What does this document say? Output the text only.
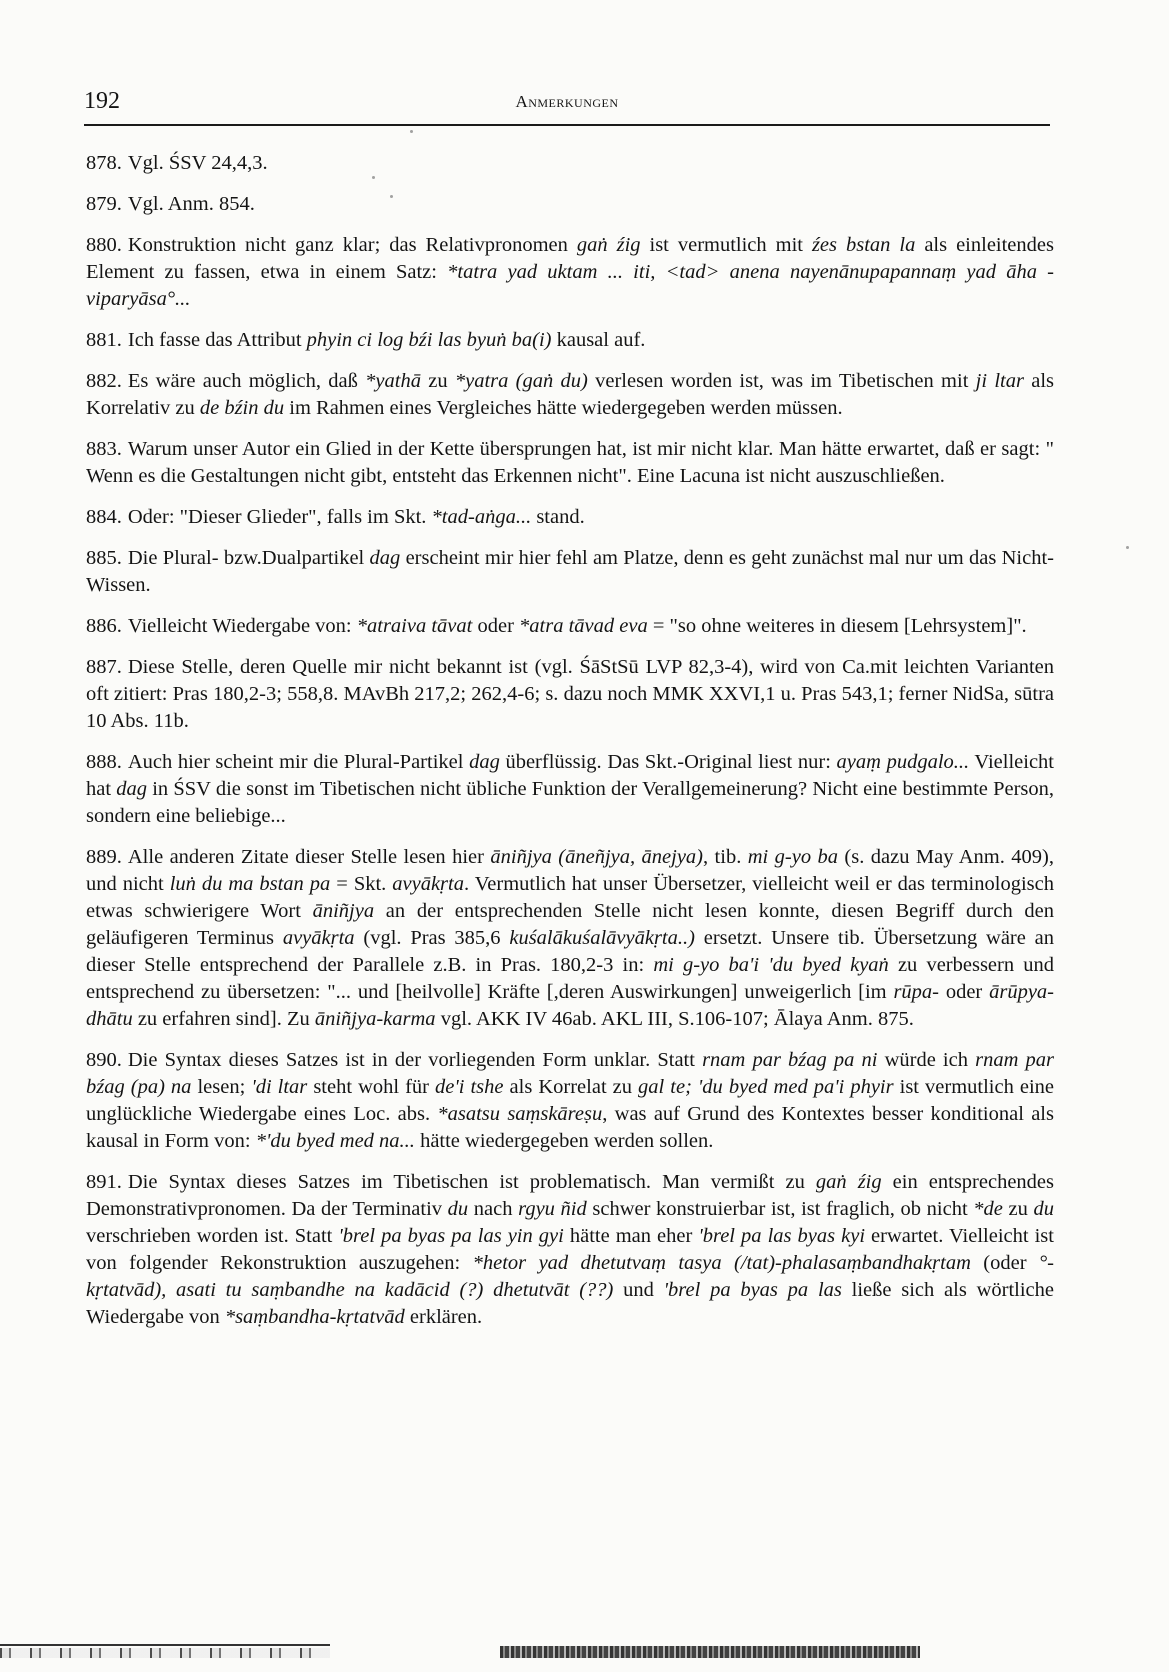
192	Anmerkungen

878. Vgl. ŚSV 24,4,3.

879. Vgl. Anm. 854.

880. Konstruktion nicht ganz klar; das Relativpronomen gaṅ źig ist vermutlich mit źes bstan la als einleitendes Element zu fassen, etwa in einem Satz: *tatra yad uktam ... iti, <tad> anena nayenānupapannaṃ yad āha - viparyāsa°...

881. Ich fasse das Attribut phyin ci log bźi las byuṅ ba(i) kausal auf.

882. Es wäre auch möglich, daß *yathā zu *yatra (gaṅ du) verlesen worden ist, was im Tibetischen mit ji ltar als Korrelativ zu de bźin du im Rahmen eines Vergleiches hätte wiedergegeben werden müssen.

883. Warum unser Autor ein Glied in der Kette übersprungen hat, ist mir nicht klar. Man hätte erwartet, daß er sagt: " Wenn es die Gestaltungen nicht gibt, entsteht das Erkennen nicht". Eine Lacuna ist nicht auszuschließen.

884. Oder: "Dieser Glieder", falls im Skt. *tad-aṅga... stand.

885. Die Plural- bzw.Dualpartikel dag erscheint mir hier fehl am Platze, denn es geht zunächst mal nur um das Nicht-Wissen.

886. Vielleicht Wiedergabe von: *atraiva tāvat oder *atra tāvad eva = "so ohne weiteres in diesem [Lehrsystem]".

887. Diese Stelle, deren Quelle mir nicht bekannt ist (vgl. ŚāStSū LVP 82,3-4), wird von Ca.mit leichten Varianten oft zitiert: Pras 180,2-3; 558,8. MAvBh 217,2; 262,4-6; s. dazu noch MMK XXVI,1 u. Pras 543,1; ferner NidSa, sūtra 10 Abs. 11b.

888. Auch hier scheint mir die Plural-Partikel dag überflüssig. Das Skt.-Original liest nur: ayaṃ pudgalo... Vielleicht hat dag in ŚSV die sonst im Tibetischen nicht übliche Funktion der Verallgemeinerung? Nicht eine bestimmte Person, sondern eine beliebige...

889. Alle anderen Zitate dieser Stelle lesen hier āniñjya (āneñjya, ānejya), tib. mi g-yo ba (s. dazu May Anm. 409), und nicht luṅ du ma bstan pa = Skt. avyākṛta. Vermutlich hat unser Übersetzer, vielleicht weil er das terminologisch etwas schwierigere Wort āniñjya an der entsprechenden Stelle nicht lesen konnte, diesen Begriff durch den geläufigeren Terminus avyākṛta (vgl. Pras 385,6 kuśalākuśalāvyākṛta..) ersetzt. Unsere tib. Übersetzung wäre an dieser Stelle entsprechend der Parallele z.B. in Pras. 180,2-3 in: mi g-yo ba'i 'du byed kyaṅ zu verbessern und entsprechend zu übersetzen: "... und [heilvolle] Kräfte [,deren Auswirkungen] unweigerlich [im rūpa- oder ārūpya-dhātu zu erfahren sind]. Zu āniñjya-karma vgl. AKK IV 46ab. AKL III, S.106-107; Ālaya Anm. 875.

890. Die Syntax dieses Satzes ist in der vorliegenden Form unklar. Statt rnam par bźag pa ni würde ich rnam par bźag (pa) na lesen; 'di ltar steht wohl für de'i tshe als Korrelat zu gal te; 'du byed med pa'i phyir ist vermutlich eine unglückliche Wiedergabe eines Loc. abs. *asatsu saṃskāreṣu, was auf Grund des Kontextes besser konditional als kausal in Form von: *'du byed med na... hätte wiedergegeben werden sollen.

891. Die Syntax dieses Satzes im Tibetischen ist problematisch. Man vermißt zu gaṅ źig ein entsprechendes Demonstrativpronomen. Da der Terminativ du nach rgyu ñid schwer konstruierbar ist, ist fraglich, ob nicht *de zu du verschrieben worden ist. Statt 'brel pa byas pa las yin gyi hätte man eher 'brel pa las byas kyi erwartet. Vielleicht ist von folgender Rekonstruktion auszugehen: *hetor yad dhetutvaṃ tasya (/tat)-phalasaṃbandhakṛtam (oder °-kṛtatvād), asati tu saṃbandhe na kadācid (?) dhetutvāt (??) und 'brel pa byas pa las ließe sich als wörtliche Wiedergabe von *saṃbandha-kṛtatvād erklären.
